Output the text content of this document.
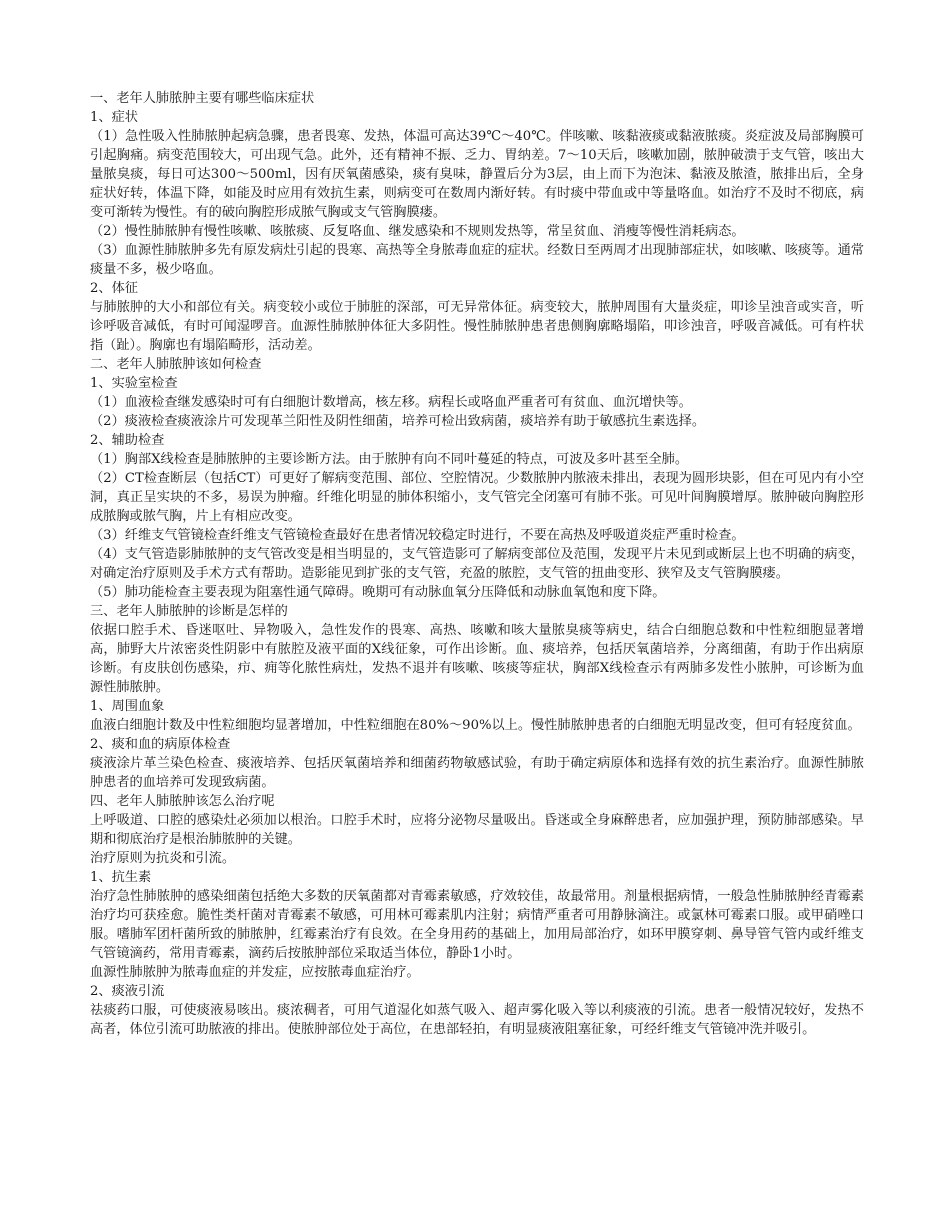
一、老年人肺脓肿主要有哪些临床症状

1、症状

（1）急性吸入性肺脓肿起病急骤，患者畏寒、发热，体温可高达39℃～40℃。伴咳嗽、咳黏液痰或黏液脓痰。炎症波及局部胸膜可引起胸痛。病变范围较大，可出现气急。此外，还有精神不振、乏力、胃纳差。7～10天后，咳嗽加剧，脓肿破溃于支气管，咳出大量脓臭痰，每日可达300～500ml，因有厌氧菌感染，痰有臭味，静置后分为3层，由上而下为泡沫、黏液及脓渣，脓排出后，全身症状好转，体温下降，如能及时应用有效抗生素，则病变可在数周内渐好转。有时痰中带血或中等量咯血。如治疗不及时不彻底，病变可渐转为慢性。有的破向胸腔形成脓气胸或支气管胸膜瘘。

（2）慢性肺脓肿有慢性咳嗽、咳脓痰、反复咯血、继发感染和不规则发热等，常呈贫血、消瘦等慢性消耗病态。

（3）血源性肺脓肿多先有原发病灶引起的畏寒、高热等全身脓毒血症的症状。经数日至两周才出现肺部症状，如咳嗽、咳痰等。通常痰量不多，极少咯血。

2、体征

与肺脓肿的大小和部位有关。病变较小或位于肺脏的深部，可无异常体征。病变较大，脓肿周围有大量炎症，叩诊呈浊音或实音，听诊呼吸音减低，有时可闻湿啰音。血源性肺脓肿体征大多阴性。慢性肺脓肿患者患侧胸廓略塌陷，叩诊浊音，呼吸音减低。可有杵状指（趾）。胸廓也有塌陷畸形，活动差。

二、老年人肺脓肿该如何检查

1、实验室检查

（1）血液检查继发感染时可有白细胞计数增高，核左移。病程长或咯血严重者可有贫血、血沉增快等。

（2）痰液检查痰液涂片可发现革兰阳性及阴性细菌，培养可检出致病菌，痰培养有助于敏感抗生素选择。

2、辅助检查

（1）胸部X线检查是肺脓肿的主要诊断方法。由于脓肿有向不同叶蔓延的特点，可波及多叶甚至全肺。

（2）CT检查断层（包括CT）可更好了解病变范围、部位、空腔情况。少数脓肿内脓液未排出，表现为圆形块影，但在可见内有小空洞，真正呈实块的不多，易误为肿瘤。纤维化明显的肺体积缩小，支气管完全闭塞可有肺不张。可见叶间胸膜增厚。脓肿破向胸腔形成脓胸或脓气胸，片上有相应改变。

（3）纤维支气管镜检查纤维支气管镜检查最好在患者情况较稳定时进行，不要在高热及呼吸道炎症严重时检查。

（4）支气管造影肺脓肿的支气管改变是相当明显的，支气管造影可了解病变部位及范围，发现平片未见到或断层上也不明确的病变，对确定治疗原则及手术方式有帮助。造影能见到扩张的支气管，充盈的脓腔，支气管的扭曲变形、狭窄及支气管胸膜瘘。

（5）肺功能检查主要表现为阻塞性通气障碍。晚期可有动脉血氧分压降低和动脉血氧饱和度下降。

三、老年人肺脓肿的诊断是怎样的

依据口腔手术、昏迷呕吐、异物吸入，急性发作的畏寒、高热、咳嗽和咳大量脓臭痰等病史，结合白细胞总数和中性粒细胞显著增高，肺野大片浓密炎性阴影中有脓腔及液平面的X线征象，可作出诊断。血、痰培养，包括厌氧菌培养，分离细菌，有助于作出病原诊断。有皮肤创伤感染，疖、痈等化脓性病灶，发热不退并有咳嗽、咳痰等症状，胸部X线检查示有两肺多发性小脓肿，可诊断为血源性肺脓肿。

1、周围血象

血液白细胞计数及中性粒细胞均显著增加，中性粒细胞在80%～90%以上。慢性肺脓肿患者的白细胞无明显改变，但可有轻度贫血。

2、痰和血的病原体检查

痰液涂片革兰染色检查、痰液培养、包括厌氧菌培养和细菌药物敏感试验，有助于确定病原体和选择有效的抗生素治疗。血源性肺脓肿患者的血培养可发现致病菌。

四、老年人肺脓肿该怎么治疗呢

上呼吸道、口腔的感染灶必须加以根治。口腔手术时，应将分泌物尽量吸出。昏迷或全身麻醉患者，应加强护理，预防肺部感染。早期和彻底治疗是根治肺脓肿的关键。

治疗原则为抗炎和引流。

1、抗生素

治疗急性肺脓肿的感染细菌包括绝大多数的厌氧菌都对青霉素敏感，疗效较佳，故最常用。剂量根据病情，一般急性肺脓肿经青霉素治疗均可获痊愈。脆性类杆菌对青霉素不敏感，可用林可霉素肌内注射；病情严重者可用静脉滴注。或氯林可霉素口服。或甲硝唑口服。嗜肺军团杆菌所致的肺脓肿，红霉素治疗有良效。在全身用药的基础上，加用局部治疗，如环甲膜穿刺、鼻导管气管内或纤维支气管镜滴药，常用青霉素，滴药后按脓肿部位采取适当体位，静卧1小时。

血源性肺脓肿为脓毒血症的并发症，应按脓毒血症治疗。

2、痰液引流

祛痰药口服，可使痰液易咳出。痰浓稠者，可用气道湿化如蒸气吸入、超声雾化吸入等以利痰液的引流。患者一般情况较好，发热不高者，体位引流可助脓液的排出。使脓肿部位处于高位，在患部轻拍，有明显痰液阻塞征象，可经纤维支气管镜冲洗并吸引。
